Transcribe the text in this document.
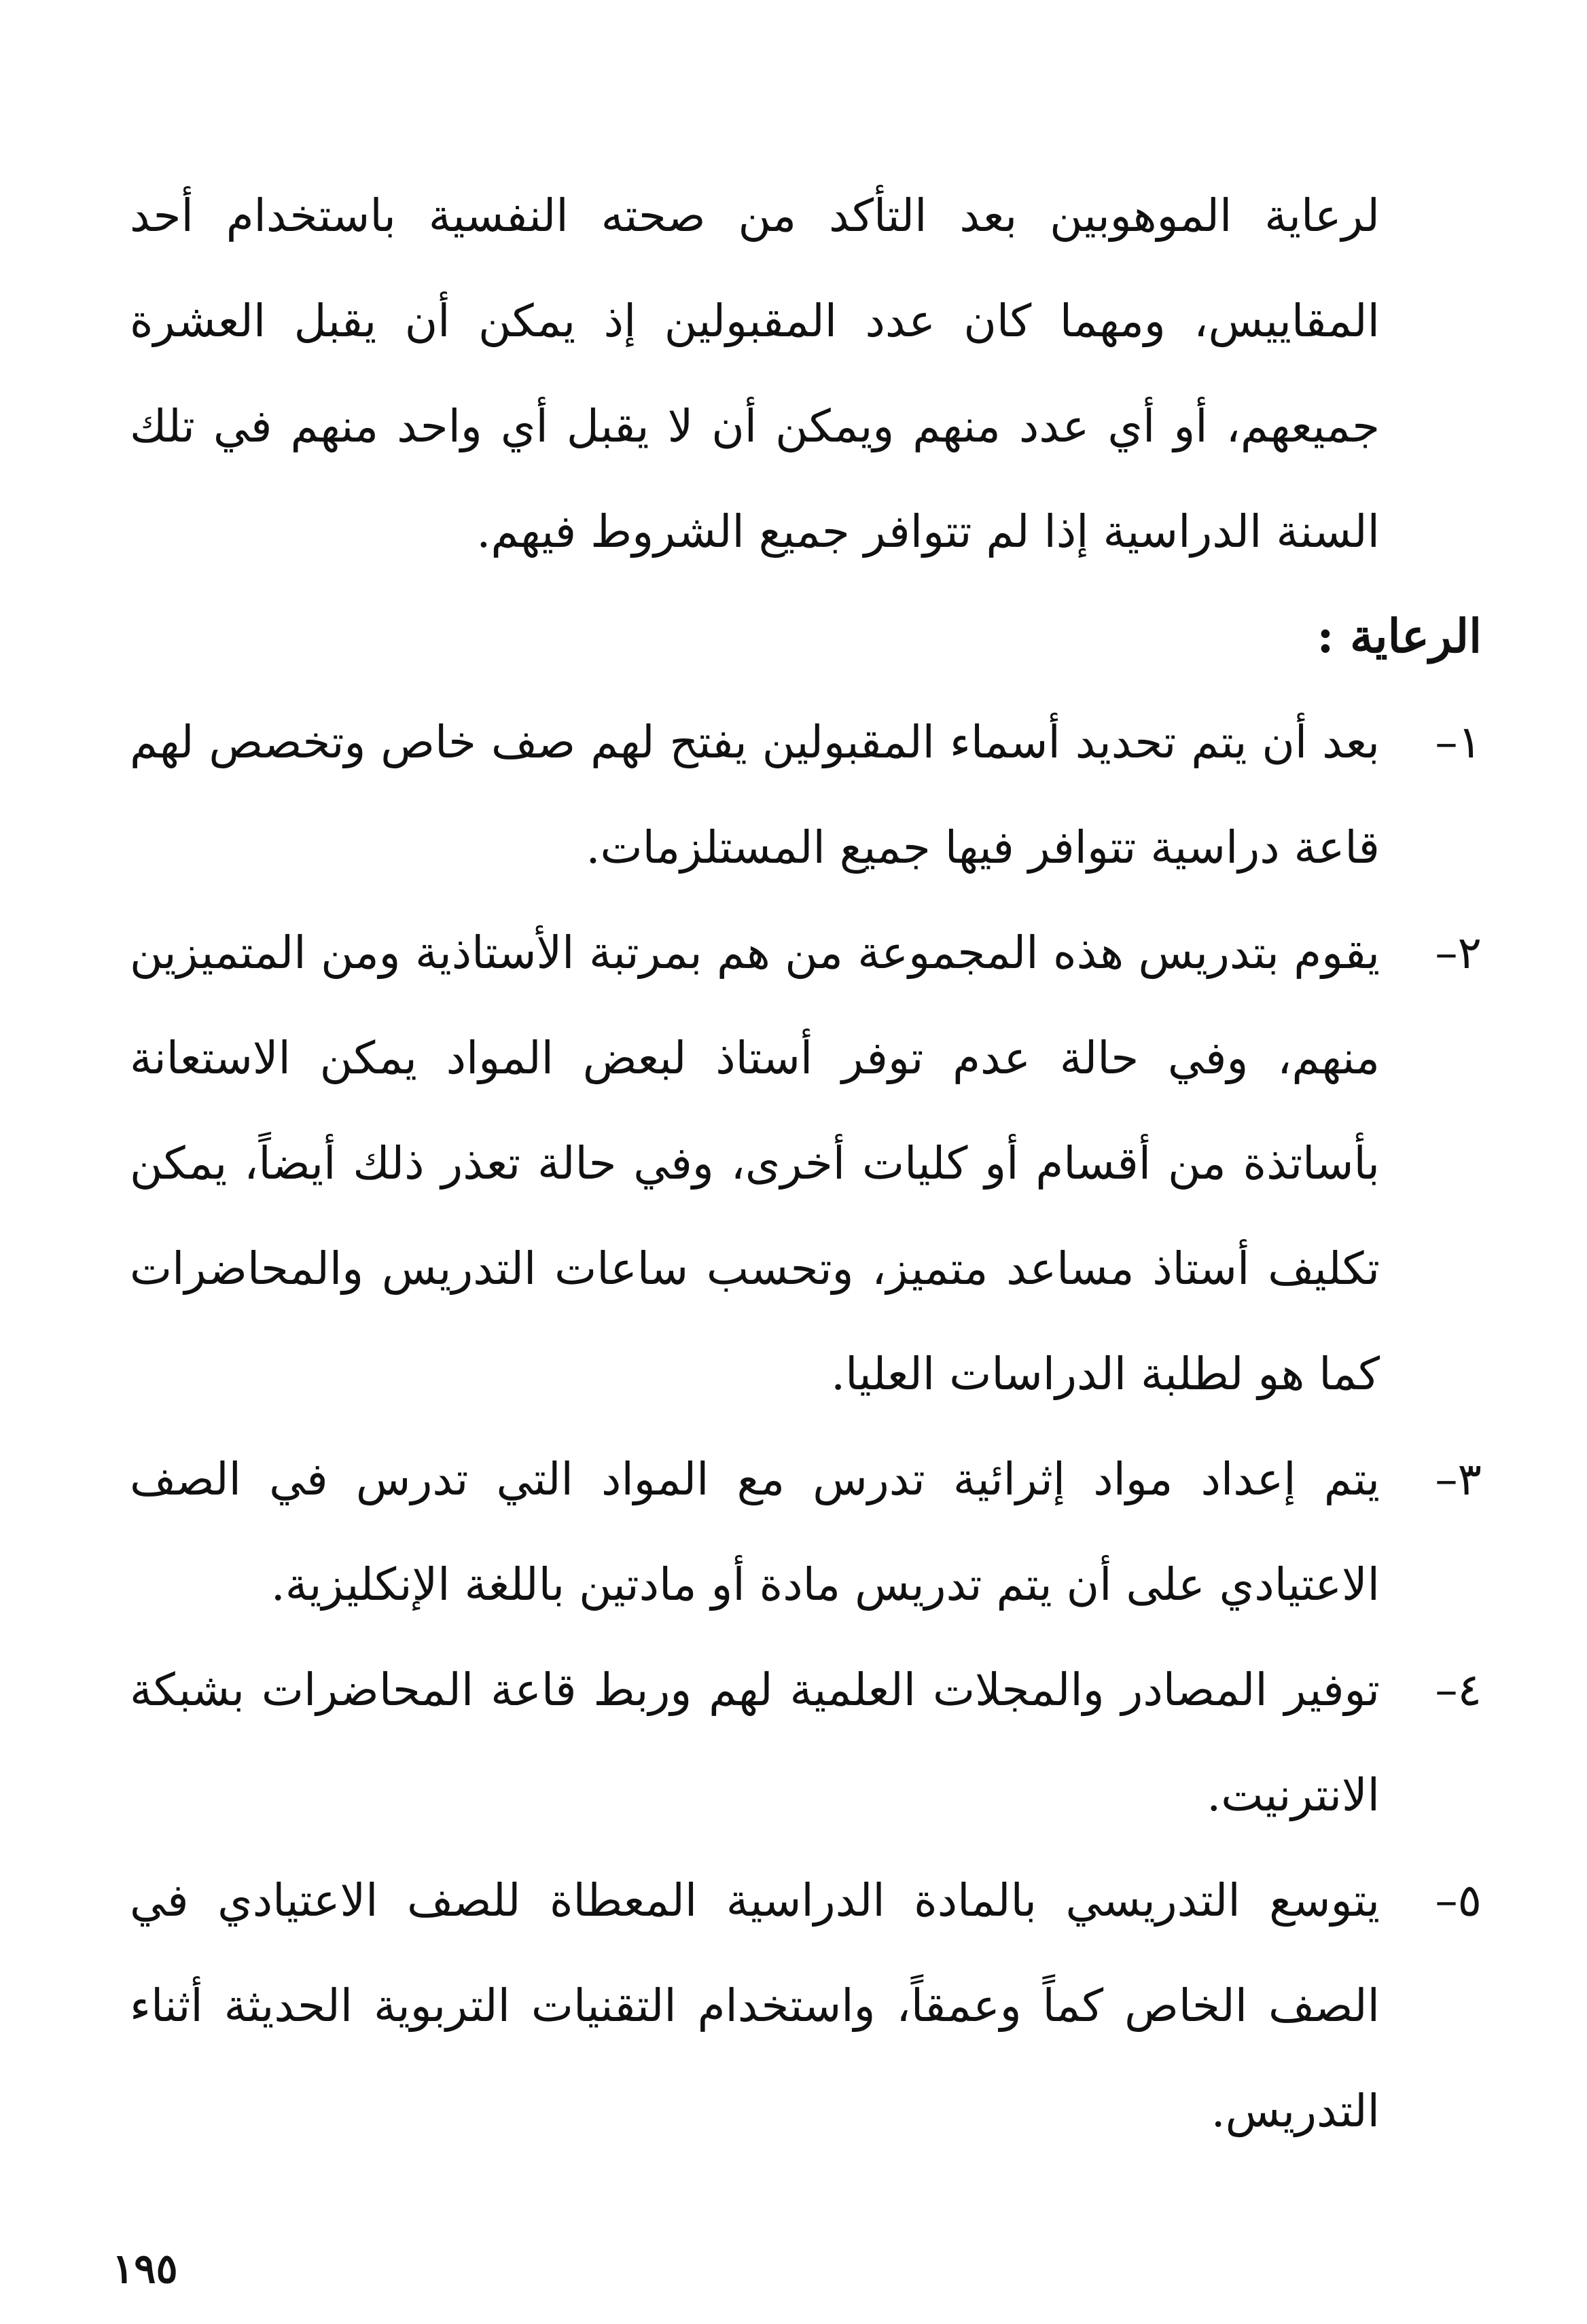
لرعاية الموهوبين بعد التأكد من صحته النفسية باستخدام أحد المقاييس، ومهما كان عدد المقبولين إذ يمكن أن يقبل العشرة جميعهم، أو أي عدد منهم ويمكن أن لا يقبل أي واحد منهم في تلك السنة الدراسية إذا لم تتوافر جميع الشروط فيهم.

الرعاية :

١–
بعد أن يتم تحديد أسماء المقبولين يفتح لهم صف خاص وتخصص لهم قاعة دراسية تتوافر فيها جميع المستلزمات.
٢–
يقوم بتدريس هذه المجموعة من هم بمرتبة الأستاذية ومن المتميزين منهم، وفي حالة عدم توفر أستاذ لبعض المواد يمكن الاستعانة بأساتذة من أقسام أو كليات أخرى، وفي حالة تعذر ذلك أيضاً، يمكن تكليف أستاذ مساعد متميز، وتحسب ساعات التدريس والمحاضرات كما هو لطلبة الدراسات العليا.
٣–
يتم إعداد مواد إثرائية تدرس مع المواد التي تدرس في الصف الاعتيادي على أن يتم تدريس مادة أو مادتين باللغة الإنكليزية.
٤–
توفير المصادر والمجلات العلمية لهم وربط قاعة المحاضرات بشبكة الانترنيت.
٥–
يتوسع التدريسي بالمادة الدراسية المعطاة للصف الاعتيادي في الصف الخاص كماً وعمقاً، واستخدام التقنيات التربوية الحديثة أثناء التدريس.
١٩٥
